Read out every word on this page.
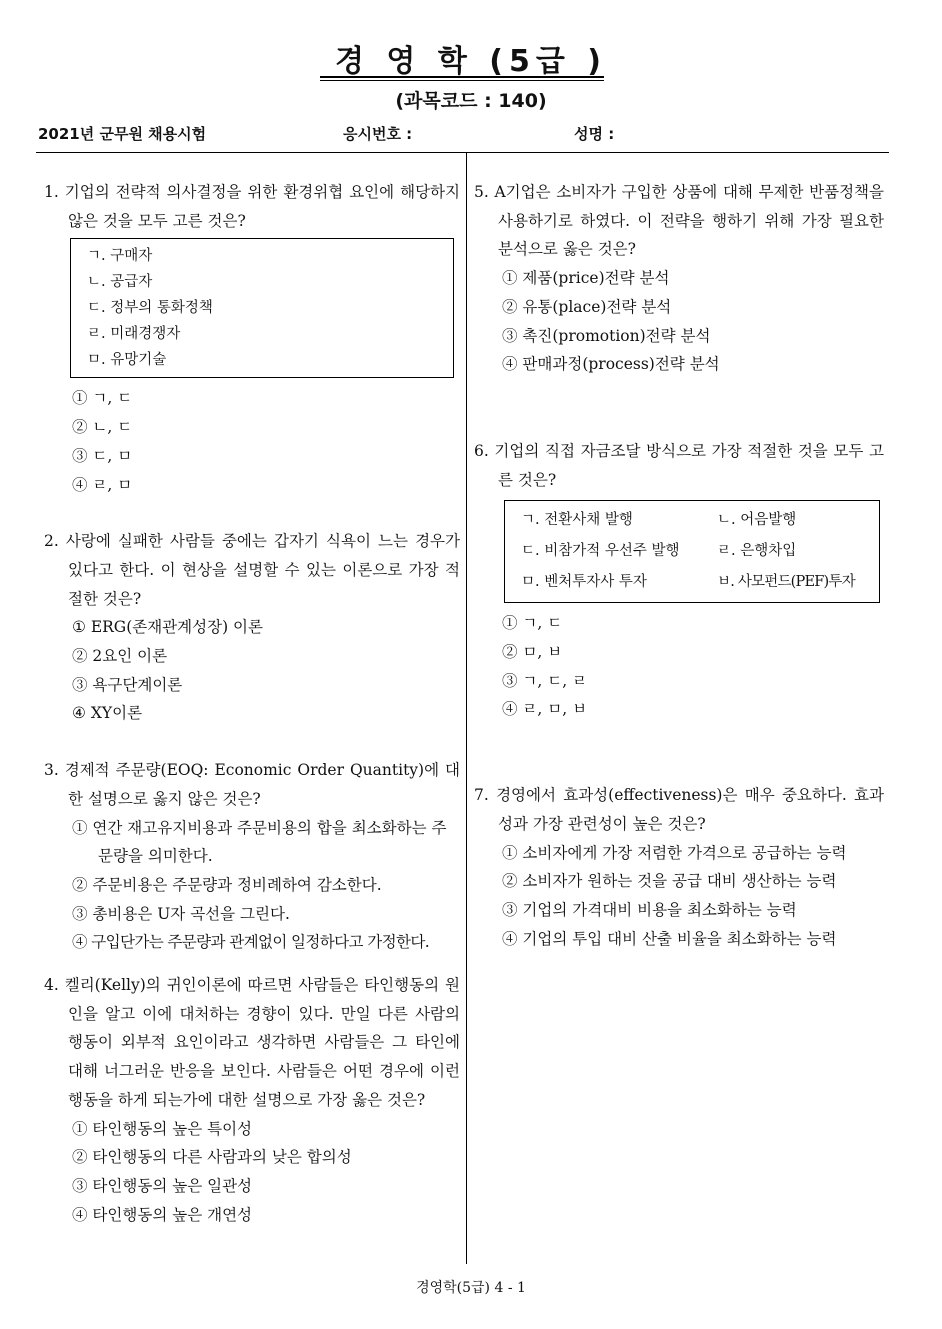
경 영 학 (5급 )
(과목코드 : 140)
2021년 군무원 채용시험	응시번호 :	성명 :
1. 기업의 전략적 의사결정을 위한 환경위협 요인에 해당하지 않은 것을 모두 고른 것은?
ㄱ. 구매자
ㄴ. 공급자
ㄷ. 정부의 통화정책
ㄹ. 미래경쟁자
ㅁ. 유망기술
① ㄱ, ㄷ
② ㄴ, ㄷ
③ ㄷ, ㅁ
④ ㄹ, ㅁ
2. 사랑에 실패한 사람들 중에는 갑자기 식욕이 느는 경우가 있다고 한다. 이 현상을 설명할 수 있는 이론으로 가장 적절한 것은?
① ERG(존재관계성장) 이론
② 2요인 이론
③ 욕구단계이론
④ XY이론
3. 경제적 주문량(EOQ: Economic Order Quantity)에 대한 설명으로 옳지 않은 것은?
① 연간 재고유지비용과 주문비용의 합을 최소화하는 주문량을 의미한다.
② 주문비용은 주문량과 정비례하여 감소한다.
③ 총비용은 U자 곡선을 그린다.
④ 구입단가는 주문량과 관계없이 일정하다고 가정한다.
4. 켈리(Kelly)의 귀인이론에 따르면 사람들은 타인행동의 원인을 알고 이에 대처하는 경향이 있다. 만일 다른 사람의 행동이 외부적 요인이라고 생각하면 사람들은 그 타인에 대해 너그러운 반응을 보인다. 사람들은 어떤 경우에 이런 행동을 하게 되는가에 대한 설명으로 가장 옳은 것은?
① 타인행동의 높은 특이성
② 타인행동의 다른 사람과의 낮은 합의성
③ 타인행동의 높은 일관성
④ 타인행동의 높은 개연성
5. A기업은 소비자가 구입한 상품에 대해 무제한 반품정책을 사용하기로 하였다. 이 전략을 행하기 위해 가장 필요한 분석으로 옳은 것은?
① 제품(price)전략 분석
② 유통(place)전략 분석
③ 촉진(promotion)전략 분석
④ 판매과정(process)전략 분석
6. 기업의 직접 자금조달 방식으로 가장 적절한 것을 모두 고른 것은?
ㄱ. 전환사채 발행	ㄴ. 어음발행
ㄷ. 비참가적 우선주 발행	ㄹ. 은행차입
ㅁ. 벤처투자사 투자	ㅂ. 사모펀드(PEF)투자
① ㄱ, ㄷ
② ㅁ, ㅂ
③ ㄱ, ㄷ, ㄹ
④ ㄹ, ㅁ, ㅂ
7. 경영에서 효과성(effectiveness)은 매우 중요하다. 효과성과 가장 관련성이 높은 것은?
① 소비자에게 가장 저렴한 가격으로 공급하는 능력
② 소비자가 원하는 것을 공급 대비 생산하는 능력
③ 기업의 가격대비 비용을 최소화하는 능력
④ 기업의 투입 대비 산출 비율을 최소화하는 능력
경영학(5급) 4 - 1
